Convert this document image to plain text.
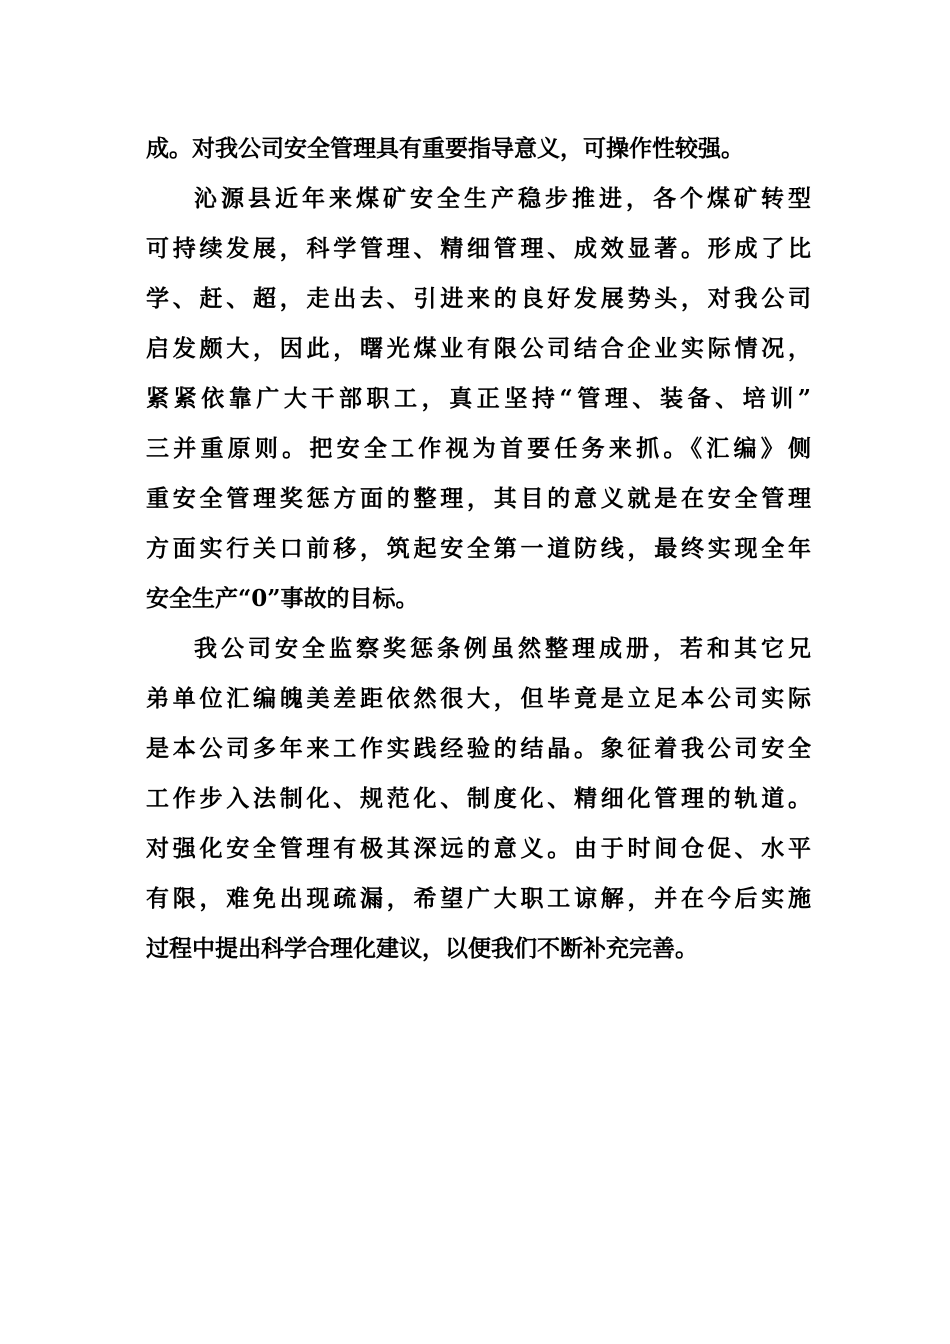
成。对我公司安全管理具有重要指导意义，可操作性较强。
沁源县近年来煤矿安全生产稳步推进，各个煤矿转型
可持续发展，科学管理、精细管理、成效显著。形成了比
学、赶、超，走出去、引进来的良好发展势头，对我公司
启发颇大，因此，曙光煤业有限公司结合企业实际情况，
紧紧依靠广大干部职工，真正坚持“管理、装备、培训”
三并重原则。把安全工作视为首要任务来抓。《汇编》侧
重安全管理奖惩方面的整理，其目的意义就是在安全管理
方面实行关口前移，筑起安全第一道防线，最终实现全年
安全生产“0”事故的目标。
我公司安全监察奖惩条例虽然整理成册，若和其它兄
弟单位汇编魄美差距依然很大，但毕竟是立足本公司实际
是本公司多年来工作实践经验的结晶。象征着我公司安全
工作步入法制化、规范化、制度化、精细化管理的轨道。
对强化安全管理有极其深远的意义。由于时间仓促、水平
有限，难免出现疏漏，希望广大职工谅解，并在今后实施
过程中提出科学合理化建议，以便我们不断补充完善。
